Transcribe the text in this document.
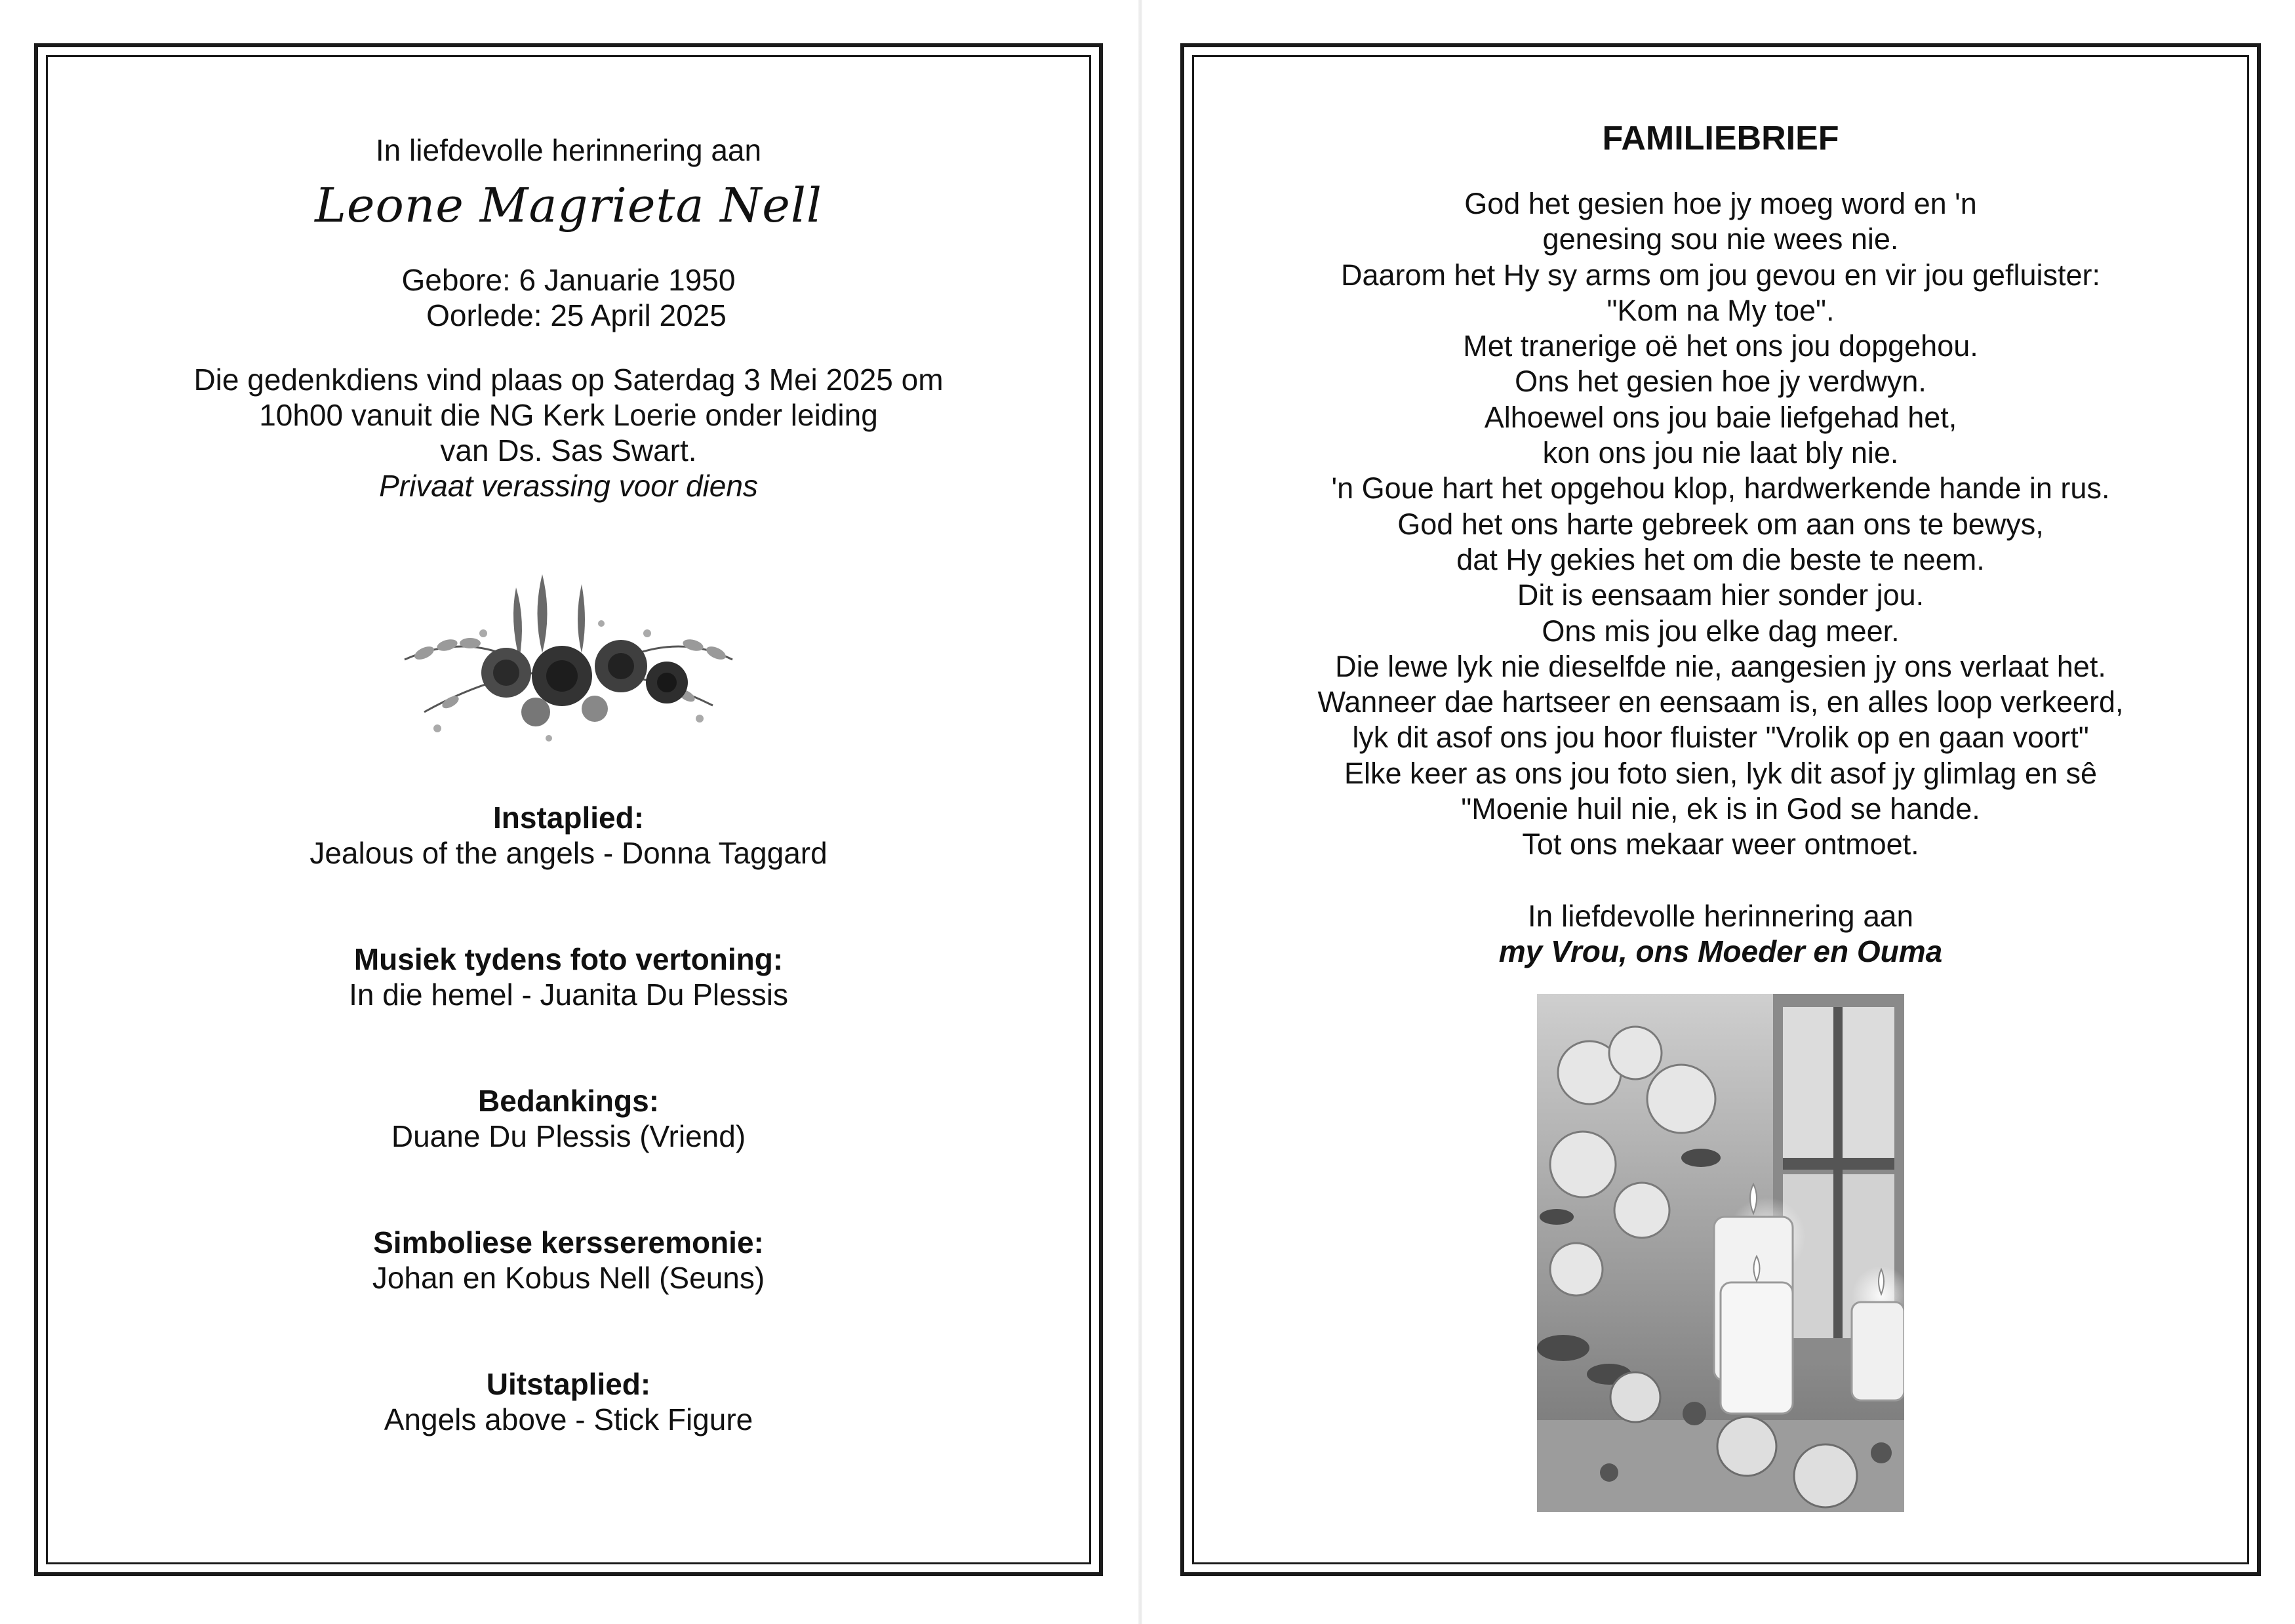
In liefdevolle herinnering aan

Leone Magrieta Nell

Gebore: 6 Januarie 1950

Oorlede: 25 April 2025

Die gedenkdiens vind plaas op Saterdag 3 Mei 2025 om

10h00 vanuit die NG Kerk Loerie onder leiding

van Ds. Sas Swart.

Privaat verassing voor diens

Instaplied:

Jealous of the angels - Donna Taggard

Musiek tydens foto vertoning:

In die hemel - Juanita Du Plessis

Bedankings:

Duane Du Plessis (Vriend)

Simboliese kersseremonie:

Johan en Kobus Nell (Seuns)

Uitstaplied:

Angels above - Stick Figure

FAMILIEBRIEF

God het gesien hoe jy moeg word en 'n

genesing sou nie wees nie.

Daarom het Hy sy arms om jou gevou en vir jou gefluister:

"Kom na My toe".

Met tranerige oë het ons jou dopgehou.

Ons het gesien hoe jy verdwyn.

Alhoewel ons jou baie liefgehad het,

kon ons jou nie laat bly nie.

'n Goue hart het opgehou klop, hardwerkende hande in rus.

God het ons harte gebreek om aan ons te bewys,

dat Hy gekies het om die beste te neem.

Dit is eensaam hier sonder jou.

Ons mis jou elke dag meer.

Die lewe lyk nie dieselfde nie, aangesien jy ons verlaat het.

Wanneer dae hartseer en eensaam is, en alles loop verkeerd,

lyk dit asof ons jou hoor fluister "Vrolik op en gaan voort"

Elke keer as ons jou foto sien, lyk dit asof jy glimlag en sê

"Moenie huil nie, ek is in God se hande.

Tot ons mekaar weer ontmoet.

In liefdevolle herinnering aan

my Vrou, ons Moeder en Ouma
